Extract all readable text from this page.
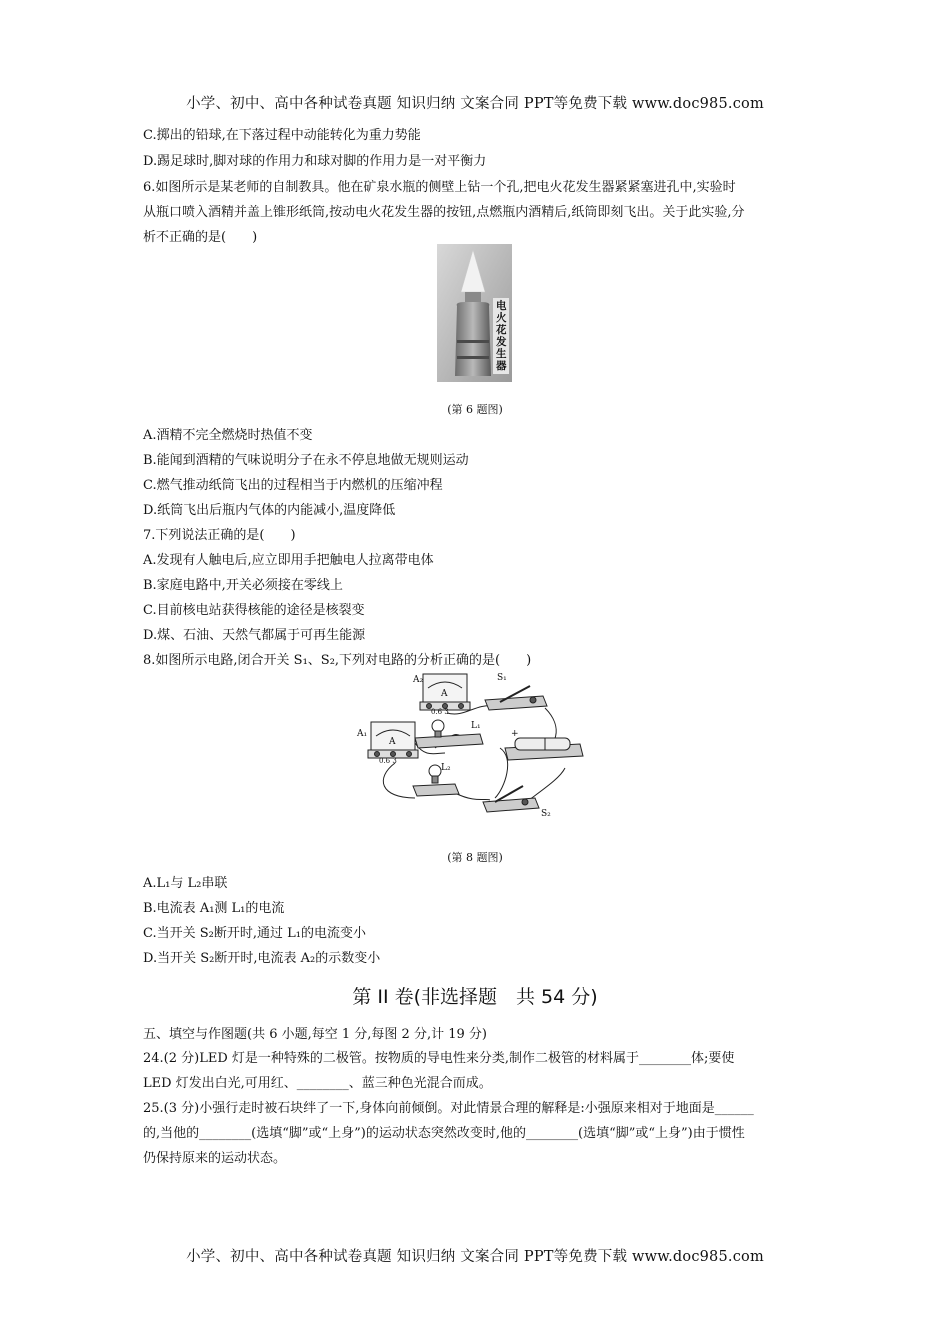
小学、初中、高中各种试卷真题 知识归纳 文案合同 PPT等免费下载 www.doc985.com
C.掷出的铅球,在下落过程中动能转化为重力势能
D.踢足球时,脚对球的作用力和球对脚的作用力是一对平衡力
6.如图所示是某老师的自制教具。他在矿泉水瓶的侧壁上钻一个孔,把电火花发生器紧紧塞进孔中,实验时
从瓶口喷入酒精并盖上锥形纸筒,按动电火花发生器的按钮,点燃瓶内酒精后,纸筒即刻飞出。关于此实验,分
析不正确的是(　　)
电火花发生器
(第 6 题图)
A.酒精不完全燃烧时热值不变
B.能闻到酒精的气味说明分子在永不停息地做无规则运动
C.燃气推动纸筒飞出的过程相当于内燃机的压缩冲程
D.纸筒飞出后瓶内气体的内能减小,温度降低
7.下列说法正确的是(　　)
A.发现有人触电后,应立即用手把触电人拉离带电体
B.家庭电路中,开关必须接在零线上
C.目前核电站获得核能的途径是核裂变
D.煤、石油、天然气都属于可再生能源
8.如图所示电路,闭合开关 S₁、S₂,下列对电路的分析正确的是(　　)
A₂
A
0.6 3
A₁
A
0.6 3
S₁
L₁
+
L₂
S₂
(第 8 题图)
A.L₁与 L₂串联
B.电流表 A₁测 L₁的电流
C.当开关 S₂断开时,通过 L₁的电流变小
D.当开关 S₂断开时,电流表 A₂的示数变小
第 II 卷(非选择题　共 54 分)
五、填空与作图题(共 6 小题,每空 1 分,每图 2 分,计 19 分)
24.(2 分)LED 灯是一种特殊的二极管。按物质的导电性来分类,制作二极管的材料属于________体;要使
LED 灯发出白光,可用红、________、蓝三种色光混合而成。
25.(3 分)小强行走时被石块绊了一下,身体向前倾倒。对此情景合理的解释是:小强原来相对于地面是______
的,当他的________(选填“脚”或“上身”)的运动状态突然改变时,他的________(选填“脚”或“上身”)由于惯性
仍保持原来的运动状态。
小学、初中、高中各种试卷真题 知识归纳 文案合同 PPT等免费下载 www.doc985.com
